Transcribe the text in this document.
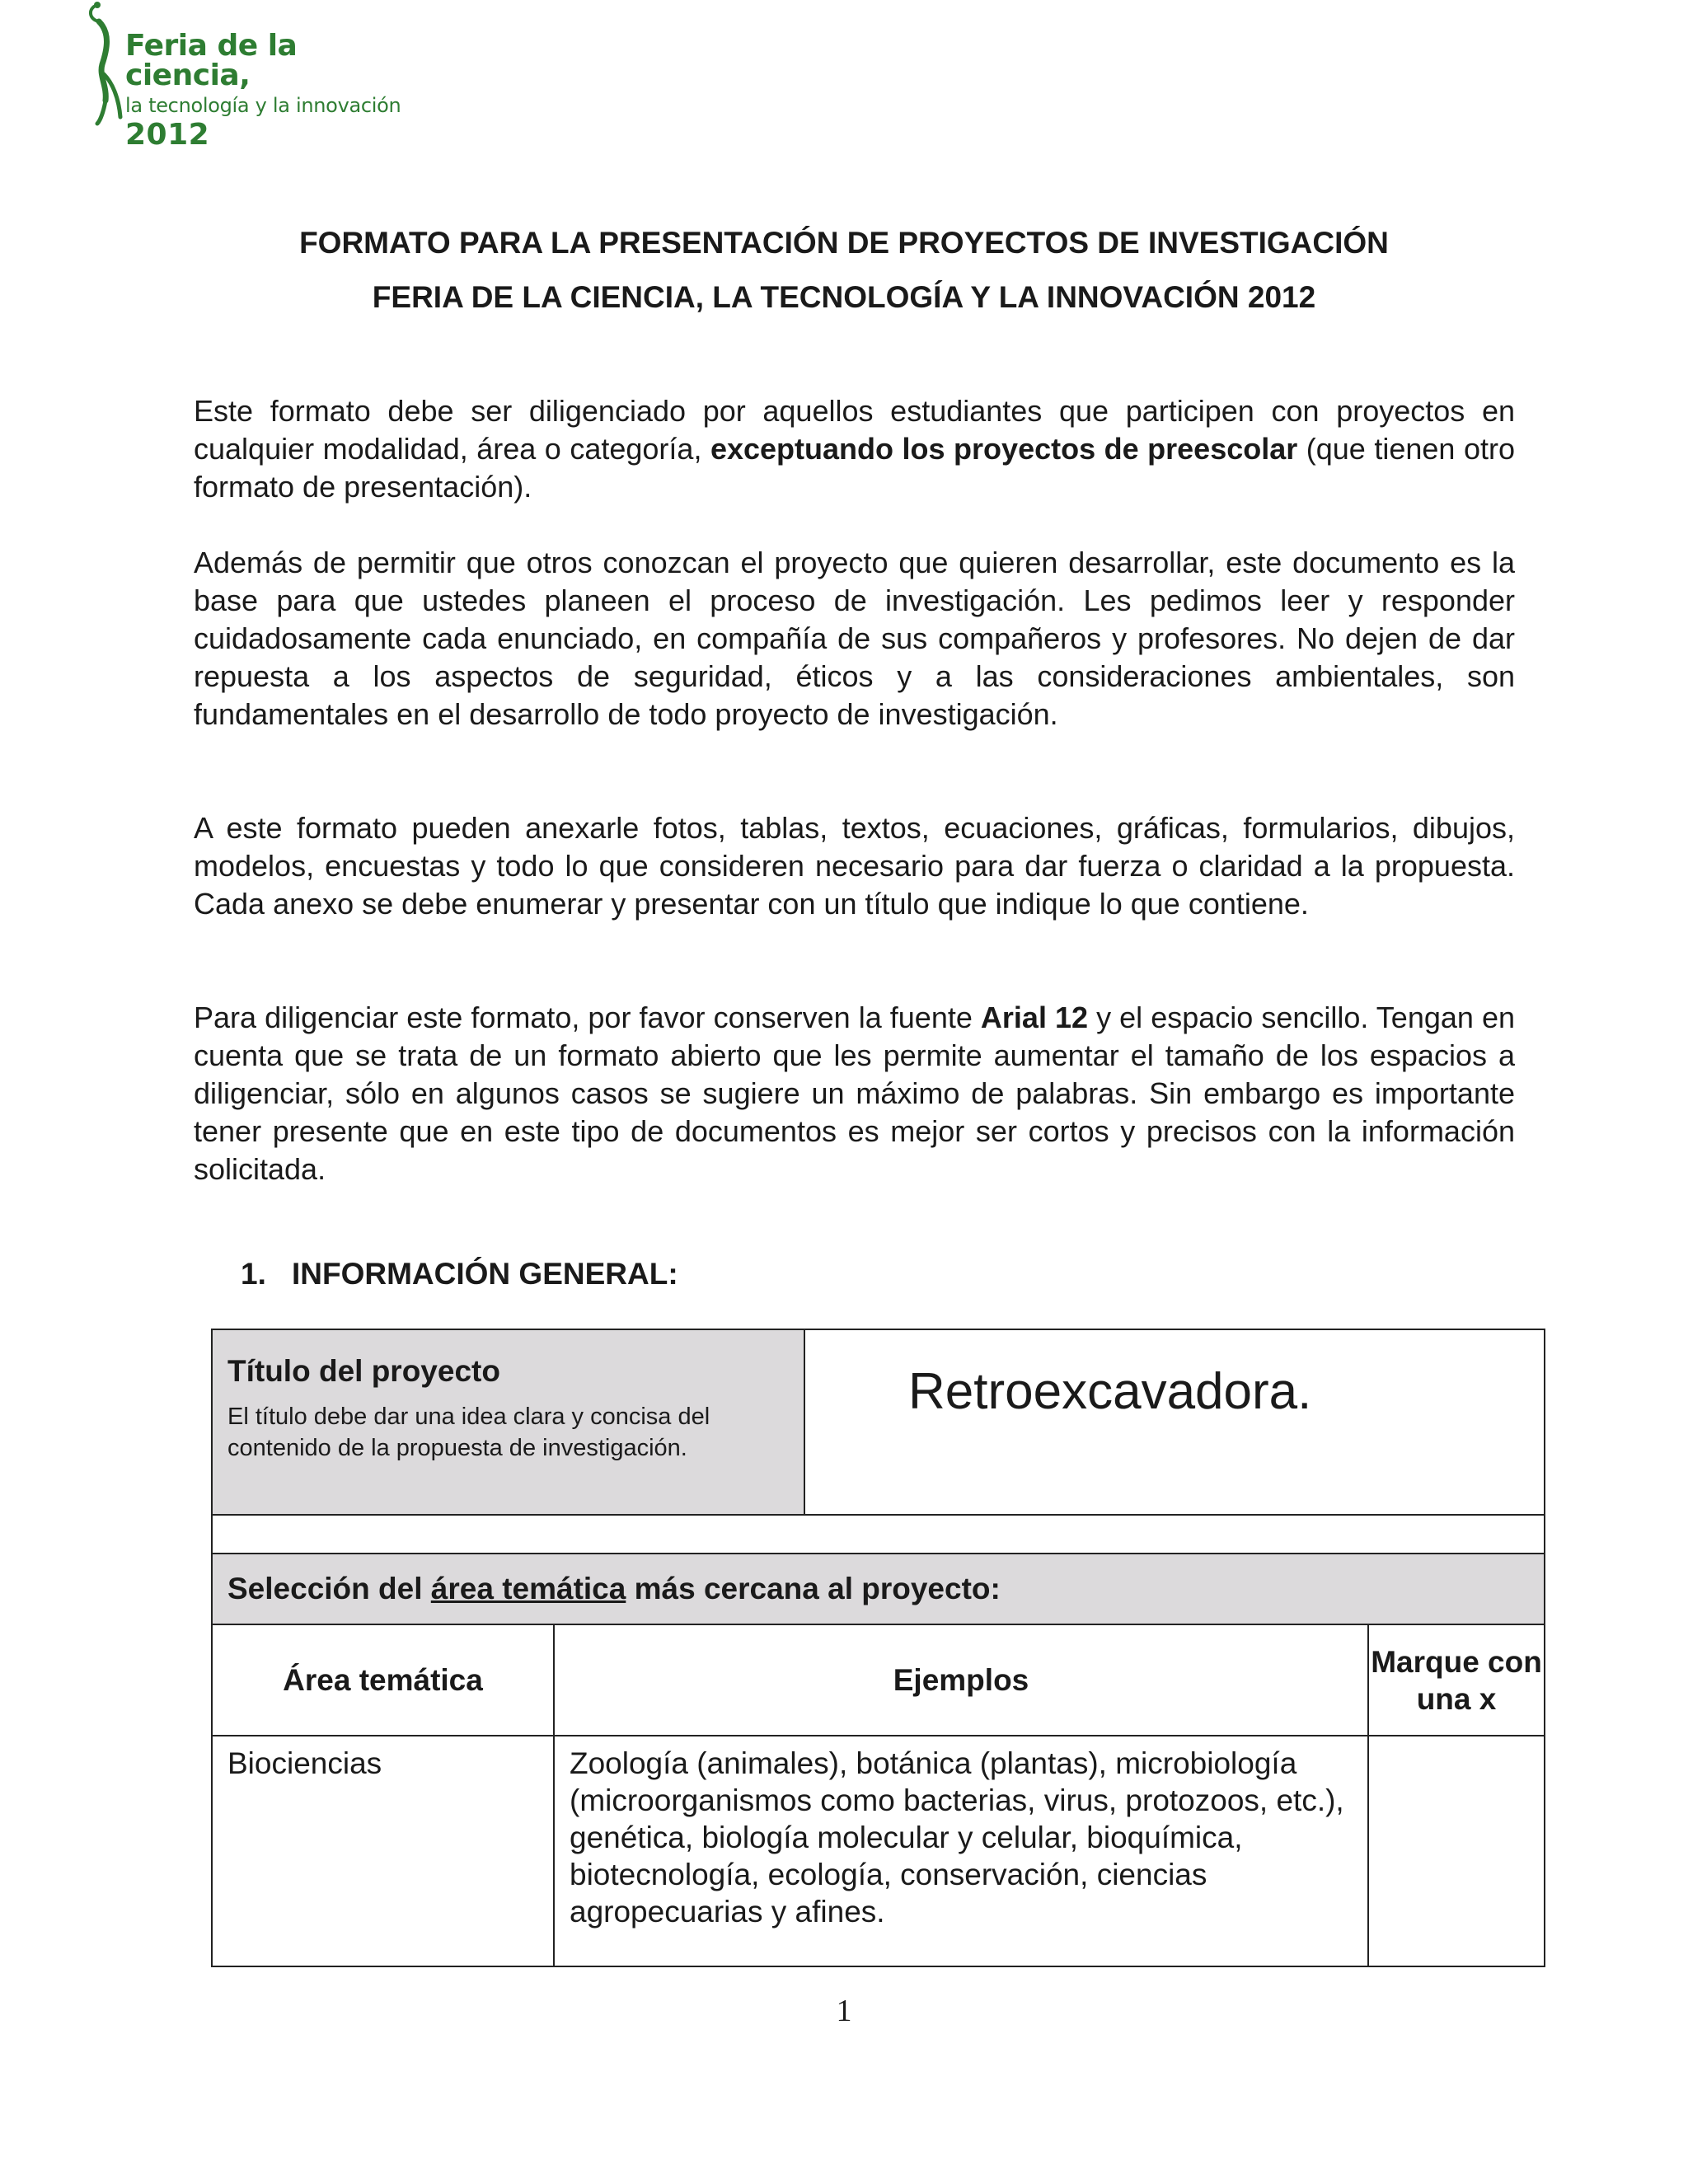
Feria de la ciencia,
la tecnología y la innovación
2012
FORMATO PARA LA PRESENTACIÓN DE PROYECTOS DE INVESTIGACIÓN
FERIA DE LA CIENCIA, LA TECNOLOGÍA Y LA INNOVACIÓN 2012

Este formato debe ser diligenciado por aquellos estudiantes que participen con proyectos en cualquier modalidad, área o categoría, exceptuando los proyectos de preescolar (que tienen otro formato de presentación).

Además de permitir que otros conozcan el proyecto que quieren desarrollar, este documento es la base para que ustedes planeen el proceso de investigación. Les pedimos leer y responder cuidadosamente cada enunciado, en compañía de sus compañeros y profesores. No dejen de dar repuesta a los aspectos de seguridad, éticos y a las consideraciones ambientales, son fundamentales en el desarrollo de todo proyecto de investigación.

A este formato pueden anexarle fotos, tablas, textos, ecuaciones, gráficas, formularios, dibujos, modelos, encuestas y todo lo que consideren necesario para dar fuerza o claridad a la propuesta. Cada anexo se debe enumerar y presentar con un título que indique lo que contiene.

Para diligenciar este formato, por favor conserven la fuente Arial 12 y el espacio sencillo. Tengan en cuenta que se trata de un formato abierto que les permite aumentar el tamaño de los espacios a diligenciar, sólo en algunos casos se sugiere un máximo de palabras. Sin embargo es importante tener presente que en este tipo de documentos es mejor ser cortos y precisos con la información solicitada.

1. INFORMACIÓN GENERAL:
Título del proyecto
El título debe dar una idea clara y concisa del contenido de la propuesta de investigación.		Retroexcavadora.	

Selección del área temática más cercana al proyecto:			
Área temática	Ejemplos		Marque con una x
Biociencias	Zoología (animales), botánica (plantas), microbiología (microorganismos como bacterias, virus, protozoos, etc.), genética, biología molecular y celular, bioquímica, biotecnología, ecología, conservación, ciencias agropecuarias y afines.		
1
